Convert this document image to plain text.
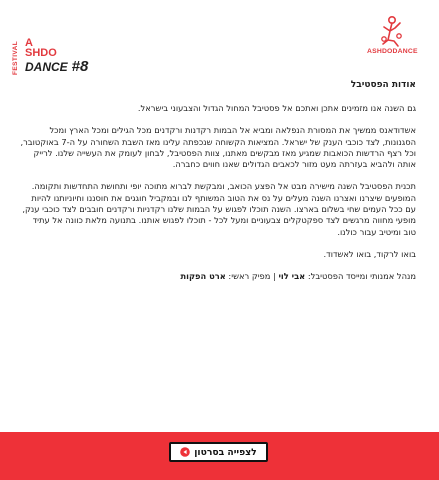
FESTIVAL A
SHDO
DANCE #8
ASHDODANCE
אודות הפסטיבל

גם השנה אנו מזמינים אתכן ואתכם אל פסטיבל המחול הגדול והצבעוני בישראל.

אשדודאנס ממשיך את המסורת הנפלאה ומביא אל הבמות רקדנות ורקדנים מכל הגילים ומכל הארץ ומכל הסגנונות, לצד כוכבי הענק של ישראל. המציאות הקשוחה שנכפתה עלינו מאז השבת השחורה על ה-7 באוקטובר, וכל רצף הרדשות הכואבות שמגיע מאז מבקשים מאתנו, צוות הפסטיבל, לבחון לעומק את העשייה שלנו. לרייק אותה ולהביא בעזרתה מעט מזור לכאבים הגדולים שאנו חווים כחברה.

תכנית הפסטיבל השנה מישירה מבט אל הפצע הכואב, ומבקשת לברוא מתוכה יופי ותחושת התחדשות ותקומה. המופעים שיצרנו ואצרנו השנה מעלים על נס את הטוב המשותף לנו ובמקביל חוגגים את חוסננו וחיוניותנו להיות עם ככל העמים שחי בשלום בארצו. השנה תוכלו לפגוש על הבמות שלנו רקדניות ורקדנים חובבים לצד כוכבי ענק, מופעי מחווה מרגשים לצד ספקטקלים צבעוניים ומעל לכל - תוכלו לפגוש אותנו. בתנועה מלאת כוונה אל עתיד טוב ומיטיב עבור כולנו.

בואו לרקוד, בואו לאשדוד.

מנהל אמנותי ומייסד הפסטיבל: אבי לוי | מפיק ראשי: ארט הפקות

לצפייה בסרטון
